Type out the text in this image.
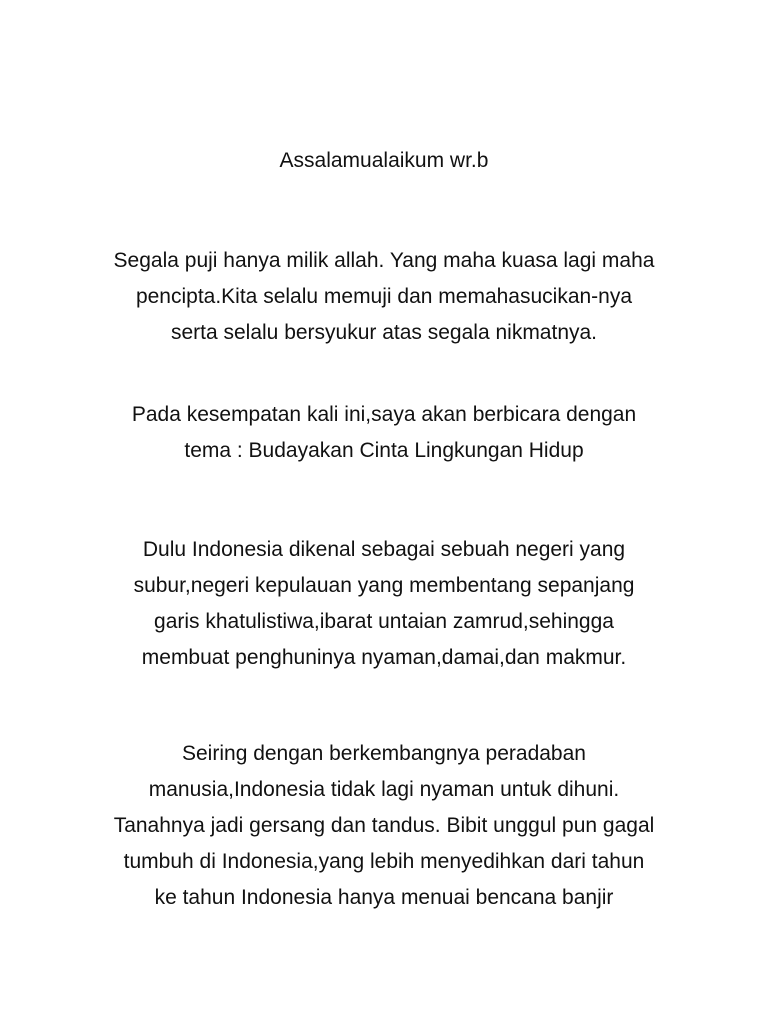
Assalamualaikum wr.b

Segala puji hanya milik allah. Yang maha kuasa lagi maha
pencipta.Kita selalu memuji dan memahasucikan-nya
serta selalu bersyukur atas segala nikmatnya.

Pada kesempatan kali ini,saya akan berbicara dengan
tema : Budayakan Cinta Lingkungan Hidup

Dulu Indonesia dikenal sebagai sebuah negeri yang
subur,negeri kepulauan yang membentang sepanjang
garis khatulistiwa,ibarat untaian zamrud,sehingga
membuat penghuninya nyaman,damai,dan makmur.

Seiring dengan berkembangnya peradaban
manusia,Indonesia tidak lagi nyaman untuk dihuni.
Tanahnya jadi gersang dan tandus. Bibit unggul pun gagal
tumbuh di Indonesia,yang lebih menyedihkan dari tahun
ke tahun Indonesia hanya menuai bencana banjir
